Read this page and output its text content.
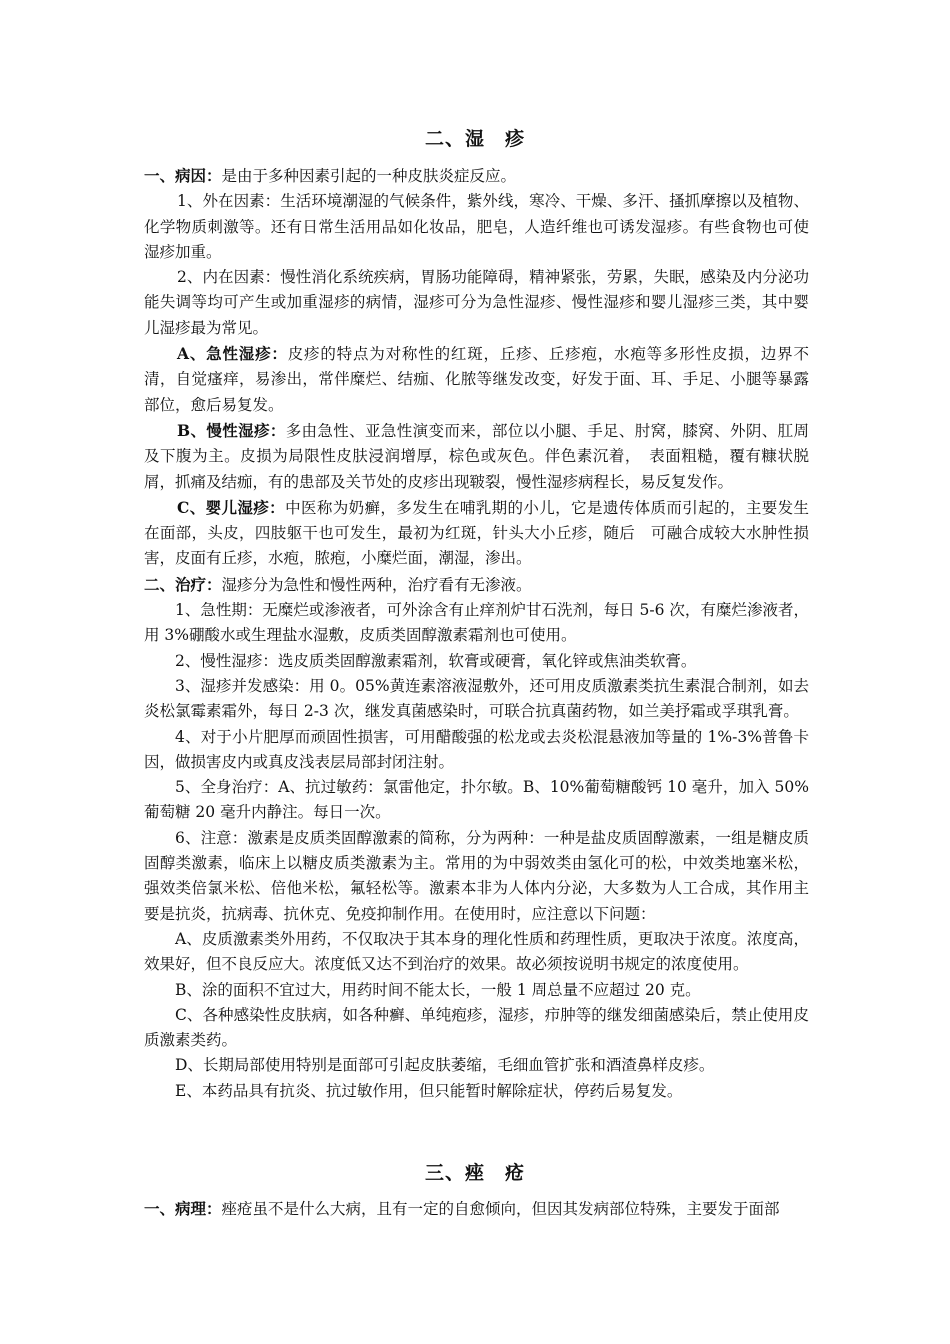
二、湿　疹

一、病因：是由于多种因素引起的一种皮肤炎症反应。

1、外在因素：生活环境潮湿的气候条件，紫外线，寒冷、干燥、多汗、搔抓摩擦以及植物、化学物质刺激等。还有日常生活用品如化妆品，肥皂，人造纤维也可诱发湿疹。有些食物也可使湿疹加重。

2、内在因素：慢性消化系统疾病，胃肠功能障碍，精神紧张，劳累，失眠，感染及内分泌功能失调等均可产生或加重湿疹的病情，湿疹可分为急性湿疹、慢性湿疹和婴儿湿疹三类，其中婴儿湿疹最为常见。

A、急性湿疹：皮疹的特点为对称性的红斑，丘疹、丘疹疱，水疱等多形性皮损，边界不清，自觉瘙痒，易渗出，常伴糜烂、结痂、化脓等继发改变，好发于面、耳、手足、小腿等暴露部位，愈后易复发。

B、慢性湿疹：多由急性、亚急性演变而来，部位以小腿、手足、肘窝，膝窝、外阴、肛周及下腹为主。皮损为局限性皮肤浸润增厚，棕色或灰色。伴色素沉着，　表面粗糙，覆有糠状脱屑，抓痛及结痂，有的患部及关节处的皮疹出现皲裂，慢性湿疹病程长，易反复发作。

C、婴儿湿疹：中医称为奶癣，多发生在哺乳期的小儿，它是遗传体质而引起的，主要发生在面部，头皮，四肢躯干也可发生，最初为红斑，针头大小丘疹，随后　可融合成较大水肿性损害，皮面有丘疹，水疱，脓疱，小糜烂面，潮湿，渗出。

二、治疗：湿疹分为急性和慢性两种，治疗看有无渗液。

1、急性期：无糜烂或渗液者，可外涂含有止痒剂炉甘石洗剂，每日 5-6 次，有糜烂渗液者，用 3%硼酸水或生理盐水湿敷，皮质类固醇激素霜剂也可使用。

2、慢性湿疹：选皮质类固醇激素霜剂，软膏或硬膏，氧化锌或焦油类软膏。

3、湿疹并发感染：用 0。05%黄连素溶液湿敷外，还可用皮质激素类抗生素混合制剂，如去炎松氯霉素霜外，每日 2-3 次，继发真菌感染时，可联合抗真菌药物，如兰美抒霜或孚琪乳膏。

4、对于小片肥厚而顽固性损害，可用醋酸强的松龙或去炎松混悬液加等量的 1%-3%普鲁卡因，做损害皮内或真皮浅表层局部封闭注射。

5、全身治疗：A、抗过敏药：氯雷他定，扑尔敏。B、10%葡萄糖酸钙 10 毫升，加入 50%葡萄糖 20 毫升内静注。每日一次。

6、注意：激素是皮质类固醇激素的简称，分为两种：一种是盐皮质固醇激素，一组是糖皮质固醇类激素，临床上以糖皮质类激素为主。常用的为中弱效类由氢化可的松，中效类地塞米松，强效类倍氯米松、倍他米松，氟轻松等。激素本非为人体内分泌，大多数为人工合成，其作用主要是抗炎，抗病毒、抗休克、免疫抑制作用。在使用时，应注意以下问题：

A、皮质激素类外用药，不仅取决于其本身的理化性质和药理性质，更取决于浓度。浓度高，效果好，但不良反应大。浓度低又达不到治疗的效果。故必须按说明书规定的浓度使用。

B、涂的面积不宜过大，用药时间不能太长，一般 1 周总量不应超过 20 克。

C、各种感染性皮肤病，如各种癣、单纯疱疹，湿疹，疖肿等的继发细菌感染后，禁止使用皮质激素类药。

D、长期局部使用特别是面部可引起皮肤萎缩，毛细血管扩张和酒渣鼻样皮疹。

E、本药品具有抗炎、抗过敏作用，但只能暂时解除症状，停药后易复发。

三、痤　疮

一、病理：痤疮虽不是什么大病，且有一定的自愈倾向，但因其发病部位特殊，主要发于面部
